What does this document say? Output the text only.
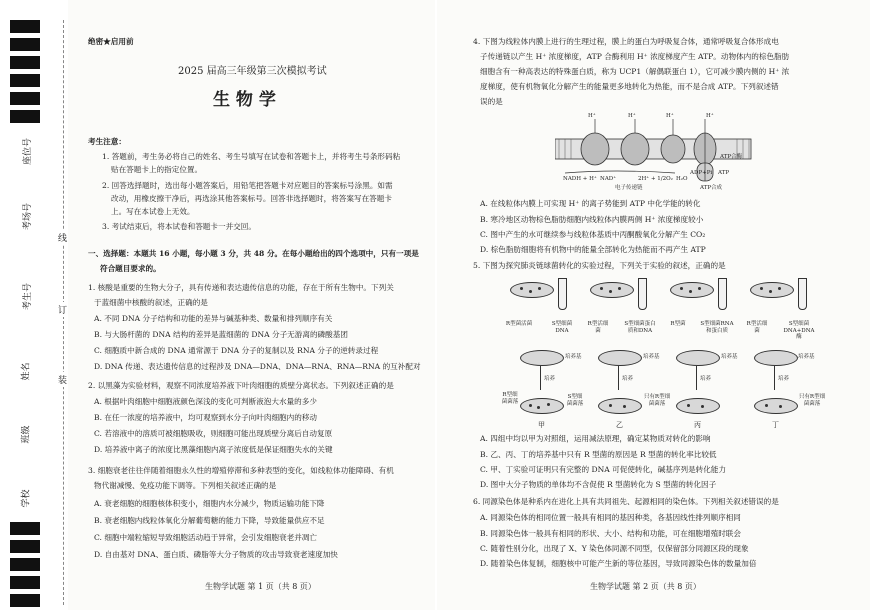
座位号
考场号
考生号
姓名
班级
学校
线
订
装
绝密★启用前
2025 届高三年级第三次模拟考试
生 物 学
考生注意：
1. 答题前，考生务必将自己的姓名、考生号填写在试卷和答题卡上，并将考生号条形码粘
贴在答题卡上的指定位置。
2. 回答选择题时，选出每小题答案后，用铅笔把答题卡对应题目的答案标号涂黑。如需
改动，用橡皮擦干净后，再选涂其他答案标号。回答非选择题时，将答案写在答题卡
上。写在本试卷上无效。
3. 考试结束后，将本试卷和答题卡一并交回。
一、选择题：本题共 16 小题，每小题 3 分，共 48 分。在每小题给出的四个选项中，只有一项是
符合题目要求的。
1. 核酸是重要的生物大分子，具有传递和表达遗传信息的功能，存在于所有生物中。下列关
于蓝细菌中核酸的叙述，正确的是
A. 不同 DNA 分子结构和功能的差异与碱基种类、数量和排列顺序有关
B. 与大肠杆菌的 DNA 结构的差异是蓝细菌的 DNA 分子无游离的磷酸基团
C. 细胞质中新合成的 DNA 通常源于 DNA 分子的复制以及 RNA 分子的逆转录过程
D. DNA 传递、表达遗传信息的过程涉及 DNA—DNA、DNA—RNA、RNA—RNA 的互补配对
2. 以黑藻为实验材料，观察不同浓度培养液下叶肉细胞的质壁分离状态。下列叙述正确的是
A. 根据叶肉细胞中细胞液颜色深浅的变化可判断液泡大水量的多少
B. 在任一浓度的培养液中，均可观察到水分子向叶肉细胞内的移动
C. 若溶液中的溶质可被细胞吸收，则细胞可能出现质壁分离后自动复原
D. 培养液中离子的浓度比黑藻细胞内离子浓度低是保证细胞失水的关键
3. 细胞衰老往往伴随着细胞永久性的增殖停滞和多种表型的变化，如线粒体功能障碍、有机
物代谢减慢、免疫功能下调等。下列相关叙述正确的是
A. 衰老细胞的细胞核体积变小，细胞内水分减少，物质运输功能下降
B. 衰老细胞内线粒体氧化分解葡萄糖的能力下降，导致能量供应不足
C. 细胞中端粒缩短导致细胞活动趋于异常，会引发细胞衰老并凋亡
D. 自由基对 DNA、蛋白质、磷脂等大分子物质的攻击导致衰老速度加快
生物学试题 第 1 页（共 8 页）
4. 下图为线粒体内膜上进行的生理过程，膜上的蛋白为呼吸复合体，通常呼吸复合体形成电
子传递链以产生 H⁺ 浓度梯度，ATP 合酶利用 H⁺ 浓度梯度产生 ATP。动物体内的棕色脂肪
细胞含有一种高表达的特殊蛋白质，称为 UCP1（解偶联蛋白 1），它可减少膜内侧的 H⁺ 浓
度梯度，使有机物氧化分解产生的能量更多地转化为热能，而不是合成 ATP。下列叙述错
误的是
H⁺	H⁺	H⁺	H⁺
ATP合酶
NADH + H⁺ NAD⁺	2H⁺ + 1/2O₂ H₂O
ADP+Pi ATP
电子传递链	ATP合成
A. 在线粒体内膜上可实现 H⁺ 的离子势能到 ATP 中化学能的转化
B. 寒冷地区动物棕色脂肪细胞内线粒体内膜两侧 H⁺ 浓度梯度较小
C. 图中产生的水可继续参与线粒体基质中丙酮酸氧化分解产生 CO₂
D. 棕色脂肪细胞将有机物中的能量全部转化为热能而不再产生 ATP
5. 下图为探究肺炎链球菌转化的实验过程，下列关于实验的叙述，正确的是
R型菌活菌	S型细菌DNA
培养基
培养
R型细菌菌落
S型细菌菌落
甲
R型活细菌
S型细菌蛋白质和DNA
培养基
培养
只有R型细菌菌落
乙
R型菌	S型细菌RNA和蛋白质
培养基
培养
丙
R型活细菌
S型细菌DNA+DNA酶
培养基
培养
只有R型细菌菌落
丁
A. 四组中均以甲为对照组，运用减法原理，确定某物质对转化的影响
B. 乙、丙、丁的培养基中只有 R 型菌的原因是 R 型菌的转化率比较低
C. 甲、丁实验可证明只有完整的 DNA 可促使转化，碱基序列是转化能力
D. 图中大分子物质的单体均不含促使 R 型菌转化为 S 型菌的转化因子
6. 同源染色体是种系内在进化上具有共同祖先、起源相同的染色体。下列相关叙述错误的是
A. 同源染色体的相同位置一般具有相同的基因种类，各基因线性排列顺序相同
B. 同源染色体一般具有相同的形状、大小、结构和功能，可在细胞增殖时联会
C. 随着性别分化，出现了 X、Y 染色体同源不同型，仅保留部分同源区段的现象
D. 随着染色体复制，细胞核中可能产生新的等位基因，导致同源染色体的数量加倍
生物学试题 第 2 页（共 8 页）
